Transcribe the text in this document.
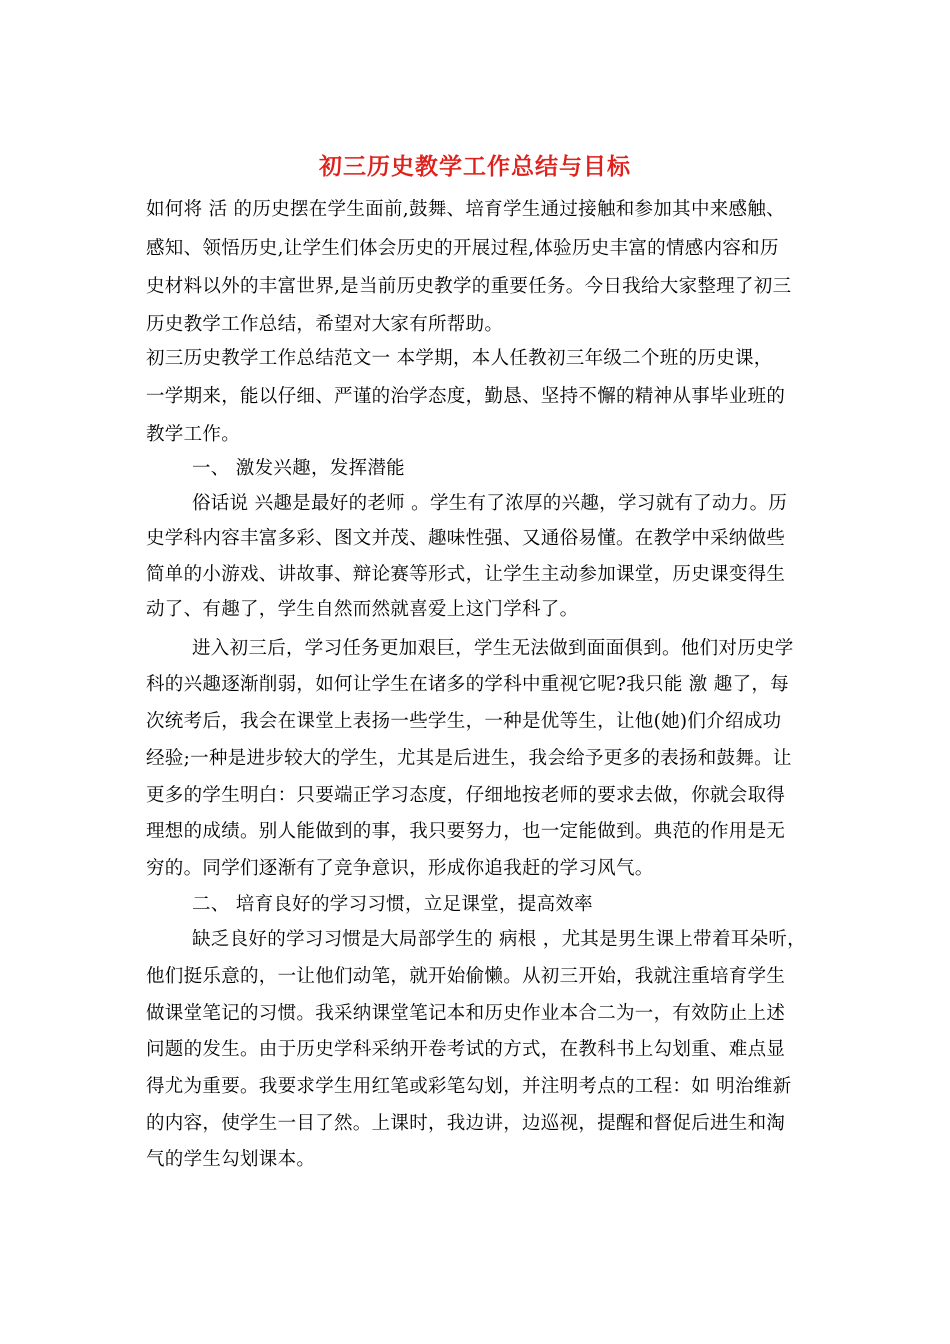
初三历史教学工作总结与目标
如何将 活 的历史摆在学生面前,鼓舞、培育学生通过接触和参加其中来感触、
感知、领悟历史,让学生们体会历史的开展过程,体验历史丰富的情感内容和历
史材料以外的丰富世界,是当前历史教学的重要任务。今日我给大家整理了初三
历史教学工作总结，希望对大家有所帮助。
初三历史教学工作总结范文一 本学期，本人任教初三年级二个班的历史课，
一学期来，能以仔细、严谨的治学态度，勤恳、坚持不懈的精神从事毕业班的
教学工作。
一、 激发兴趣，发挥潜能
俗话说 兴趣是最好的老师 。学生有了浓厚的兴趣，学习就有了动力。历
史学科内容丰富多彩、图文并茂、趣味性强、又通俗易懂。在教学中采纳做些
简单的小游戏、讲故事、辩论赛等形式，让学生主动参加课堂，历史课变得生
动了、有趣了，学生自然而然就喜爱上这门学科了。
进入初三后，学习任务更加艰巨，学生无法做到面面俱到。他们对历史学
科的兴趣逐渐削弱，如何让学生在诸多的学科中重视它呢?我只能 激 趣了，每
次统考后，我会在课堂上表扬一些学生，一种是优等生，让他(她)们介绍成功
经验;一种是进步较大的学生，尤其是后进生，我会给予更多的表扬和鼓舞。让
更多的学生明白：只要端正学习态度，仔细地按老师的要求去做，你就会取得
理想的成绩。别人能做到的事，我只要努力，也一定能做到。典范的作用是无
穷的。同学们逐渐有了竞争意识，形成你追我赶的学习风气。
二、 培育良好的学习习惯，立足课堂，提高效率
缺乏良好的学习习惯是大局部学生的 病根 ，尤其是男生课上带着耳朵听，
他们挺乐意的，一让他们动笔，就开始偷懒。从初三开始，我就注重培育学生
做课堂笔记的习惯。我采纳课堂笔记本和历史作业本合二为一，有效防止上述
问题的发生。由于历史学科采纳开卷考试的方式，在教科书上勾划重、难点显
得尤为重要。我要求学生用红笔或彩笔勾划，并注明考点的工程：如 明治维新
的内容，使学生一目了然。上课时，我边讲，边巡视，提醒和督促后进生和淘
气的学生勾划课本。
